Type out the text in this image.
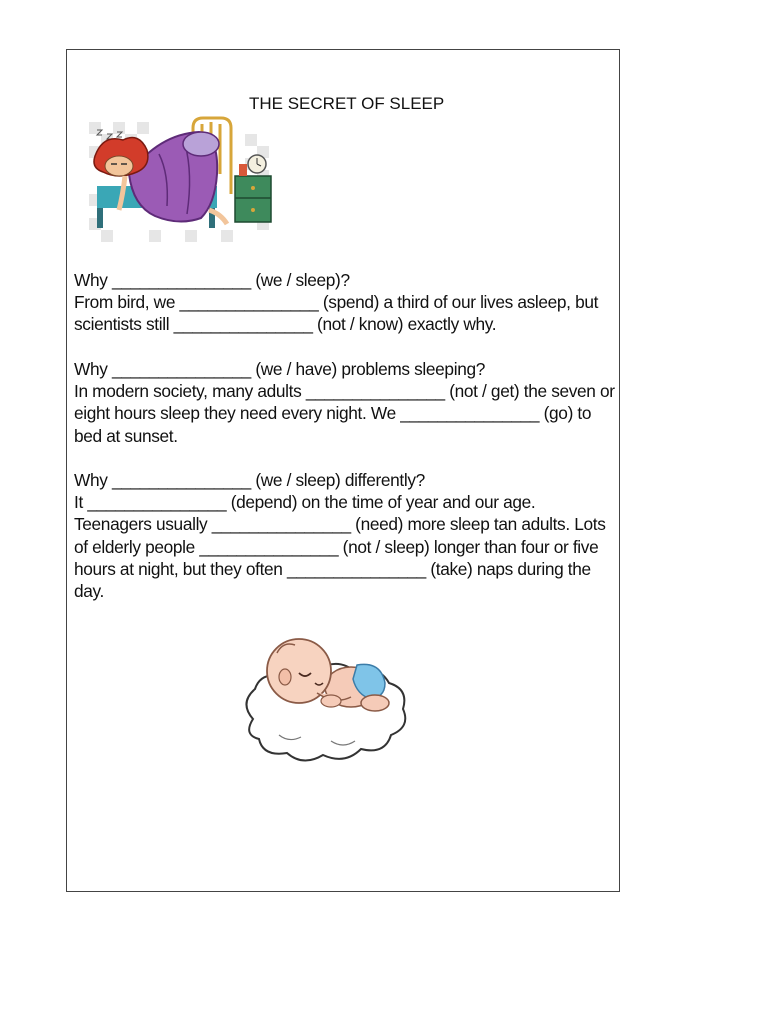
THE SECRET OF SLEEP
Why _______________ (we / sleep)?
From bird, we _______________ (spend) a third of our lives asleep, but
scientists still _______________ (not / know) exactly why.
Why _______________ (we / have) problems sleeping?
In modern society, many adults _______________ (not / get) the seven or
eight hours sleep they need every night. We _______________ (go) to
bed at sunset.
Why _______________ (we / sleep) differently?
It _______________ (depend) on the time of year and our age.
Teenagers usually _______________ (need) more sleep tan adults. Lots
of elderly people _______________ (not / sleep) longer than four or five
hours at night, but they often _______________ (take) naps during the
day.
